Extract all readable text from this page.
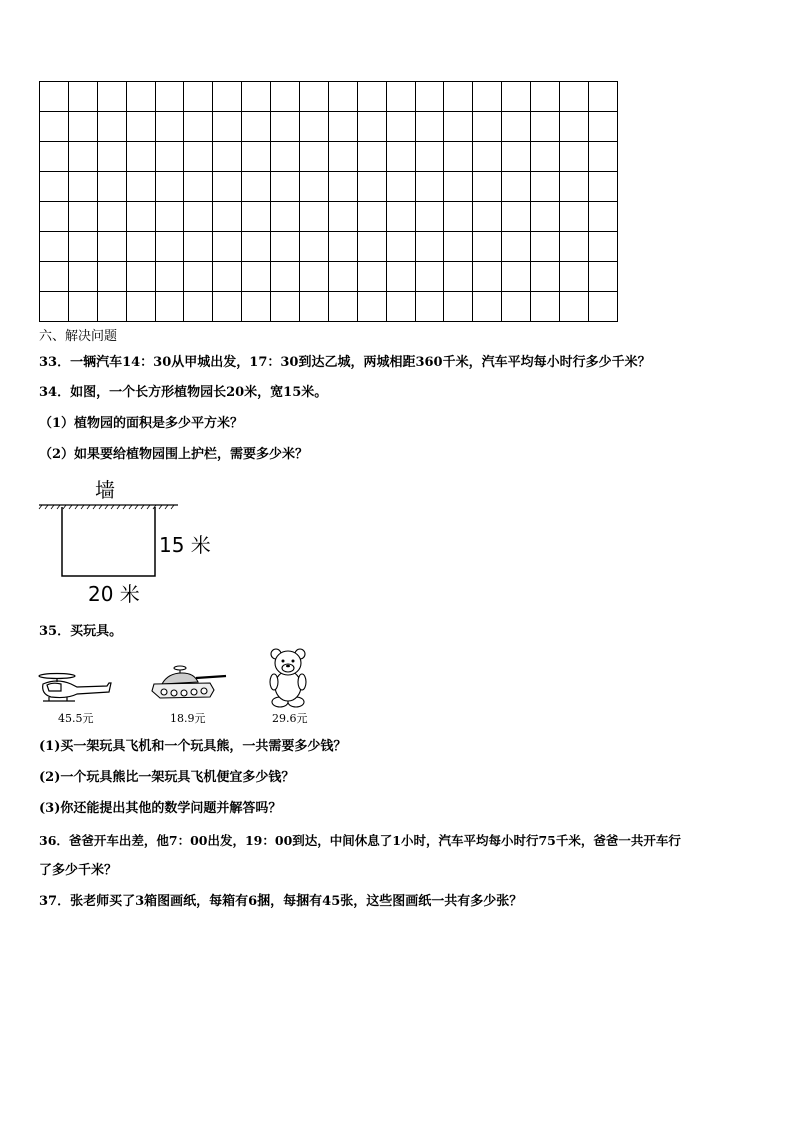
六、解决问题
33．一辆汽车14：30从甲城出发，17：30到达乙城，两城相距360千米，汽车平均每小时行多少千米？
34．如图，一个长方形植物园长20米，宽15米。
（1）植物园的面积是多少平方米？
（2）如果要给植物园围上护栏，需要多少米？
墙
15 米
20 米
35．买玩具。
45.5元	18.9元	29.6元
(1)买一架玩具飞机和一个玩具熊，一共需要多少钱？
(2)一个玩具熊比一架玩具飞机便宜多少钱？
(3)你还能提出其他的数学问题并解答吗？
36．爸爸开车出差，他7：00出发，19：00到达，中间休息了1小时，汽车平均每小时行75千米，爸爸一共开车行
了多少千米？
37．张老师买了3箱图画纸，每箱有6捆，每捆有45张，这些图画纸一共有多少张？
